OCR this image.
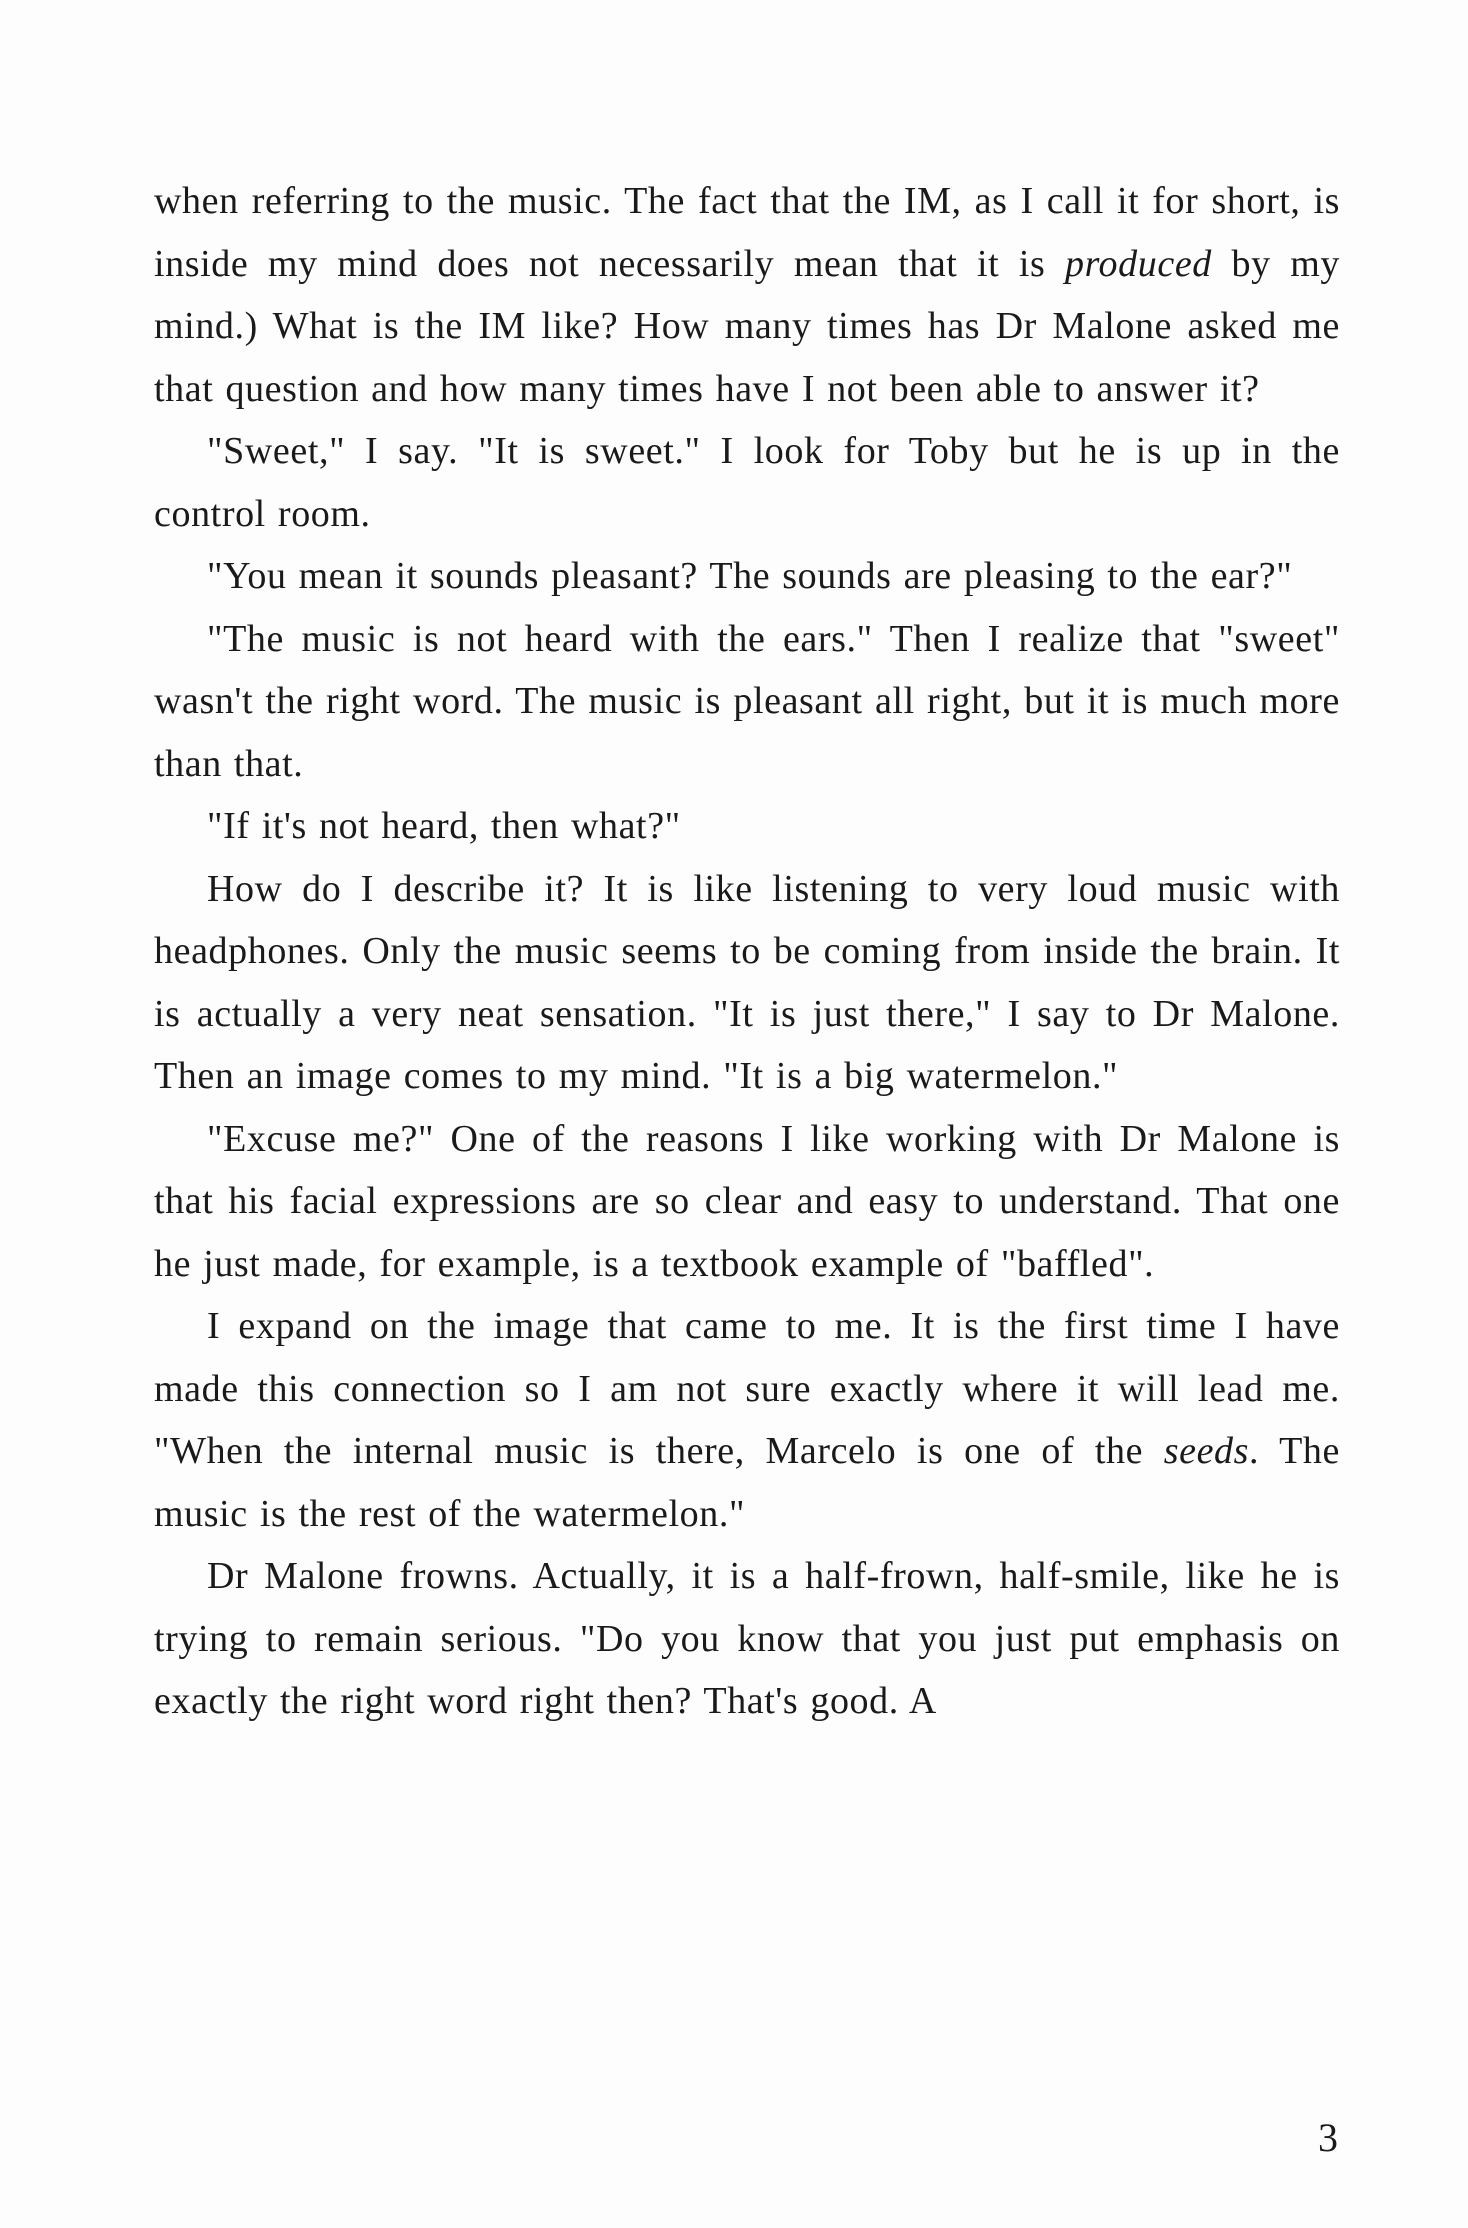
when referring to the music. The fact that the IM, as I call it for short, is inside my mind does not necessarily mean that it is produced by my mind.) What is the IM like? How many times has Dr Malone asked me that question and how many times have I not been able to answer it?

"Sweet," I say. "It is sweet." I look for Toby but he is up in the control room.

"You mean it sounds pleasant? The sounds are pleasing to the ear?"

"The music is not heard with the ears." Then I realize that "sweet" wasn't the right word. The music is pleasant all right, but it is much more than that.

"If it's not heard, then what?"

How do I describe it? It is like listening to very loud music with headphones. Only the music seems to be coming from inside the brain. It is actually a very neat sensation. "It is just there," I say to Dr Malone. Then an image comes to my mind. "It is a big watermelon."

"Excuse me?" One of the reasons I like working with Dr Malone is that his facial expressions are so clear and easy to understand. That one he just made, for example, is a textbook example of "baffled".

I expand on the image that came to me. It is the first time I have made this connection so I am not sure exactly where it will lead me. "When the internal music is there, Marcelo is one of the seeds. The music is the rest of the watermelon."

Dr Malone frowns. Actually, it is a half-frown, half-smile, like he is trying to remain serious. "Do you know that you just put emphasis on exactly the right word right then? That's good. A

3
